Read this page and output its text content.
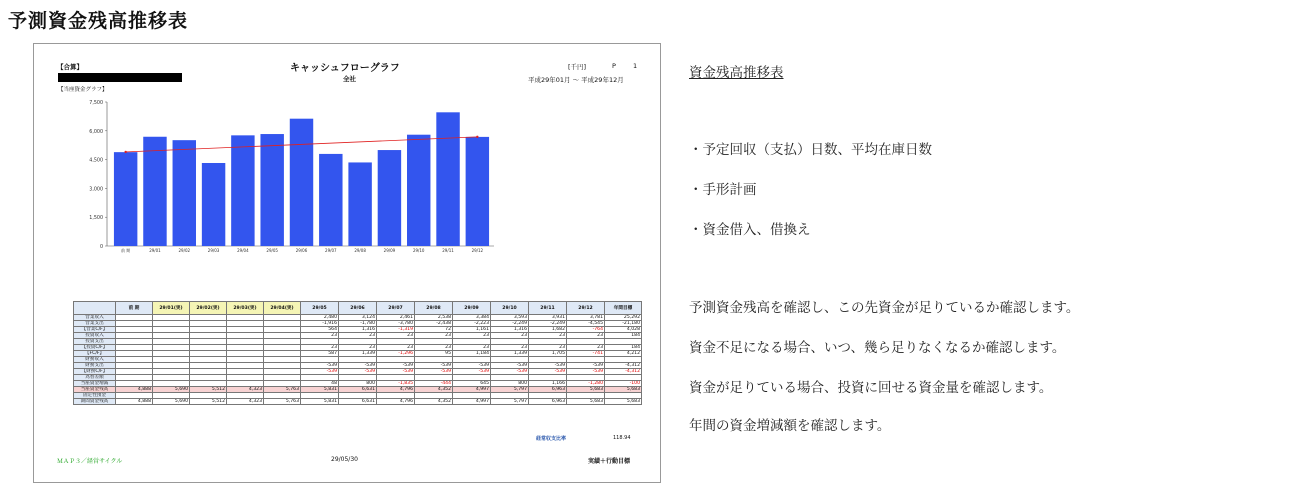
予測資金残高推移表
【合算】	キャッシュフローグラフ
全社
[千円]	P	1
平成29年01月 ～ 平成29年12月
【当座資金グラフ】
0
1,500
3,000
4,500
6,000
7,500
前 期	29/01	29/02	29/03	29/04	29/05	29/06	29/07	29/08	29/09	29/10	29/11	29/12
	前 期	29/01(実)	29/02(実)	29/03(実)	29/04(実)	29/05	29/06	29/07	29/08	29/09	29/10	29/11	29/12	年間目標
営業収入						2,480	3,124	2,461	2,538	3,384	3,593	3,931	3,781	25,292
営業支出						-1,916	-1,780	-3,780	-2,438	-2,223	-2,249	-2,249	-4,545	-21,180
【営業C/F】						564	1,316	-1,319	72	1,161	1,316	1,682	-764	4,028
投資収入						23	23	23	23	23	23	23	23	184
投資支出														
【投資C/F】						23	23	23	23	23	23	23	23	184
【FC/F】						587	1,339	-1,296	95	1,184	1,339	1,705	-741	4,212
財務収入														
財務支出						-539	-539	-539	-539	-539	-539	-539	-539	-4,312
【財務C/F】						-539	-539	-539	-539	-539	-539	-539	-539	-4,312
為替差額														
当座資金増減						48	800	-1,835	-444	645	800	1,166	-1,280	-100
当座資金残高	4,888	5,690	5,512	4,323	5,763	5,831	6,631	4,796	4,352	4,997	5,797	6,963	5,683	5,683
固定性預金														
期間資金残高	4,888	5,690	5,512	4,323	5,763	5,831	6,631	4,796	4,352	4,997	5,797	6,963	5,683	5,683
経常収支比率	118.94
ＭＡＰ３／経営サイクル	29/05/30	実績＋行動目標
資金残高推移表
・予定回収（支払）日数、平均在庫日数
・手形計画
・資金借入、借換え
予測資金残高を確認し、この先資金が足りているか確認します。
資金不足になる場合、いつ、幾ら足りなくなるか確認します。
資金が足りている場合、投資に回せる資金量を確認します。
年間の資金増減額を確認します。
